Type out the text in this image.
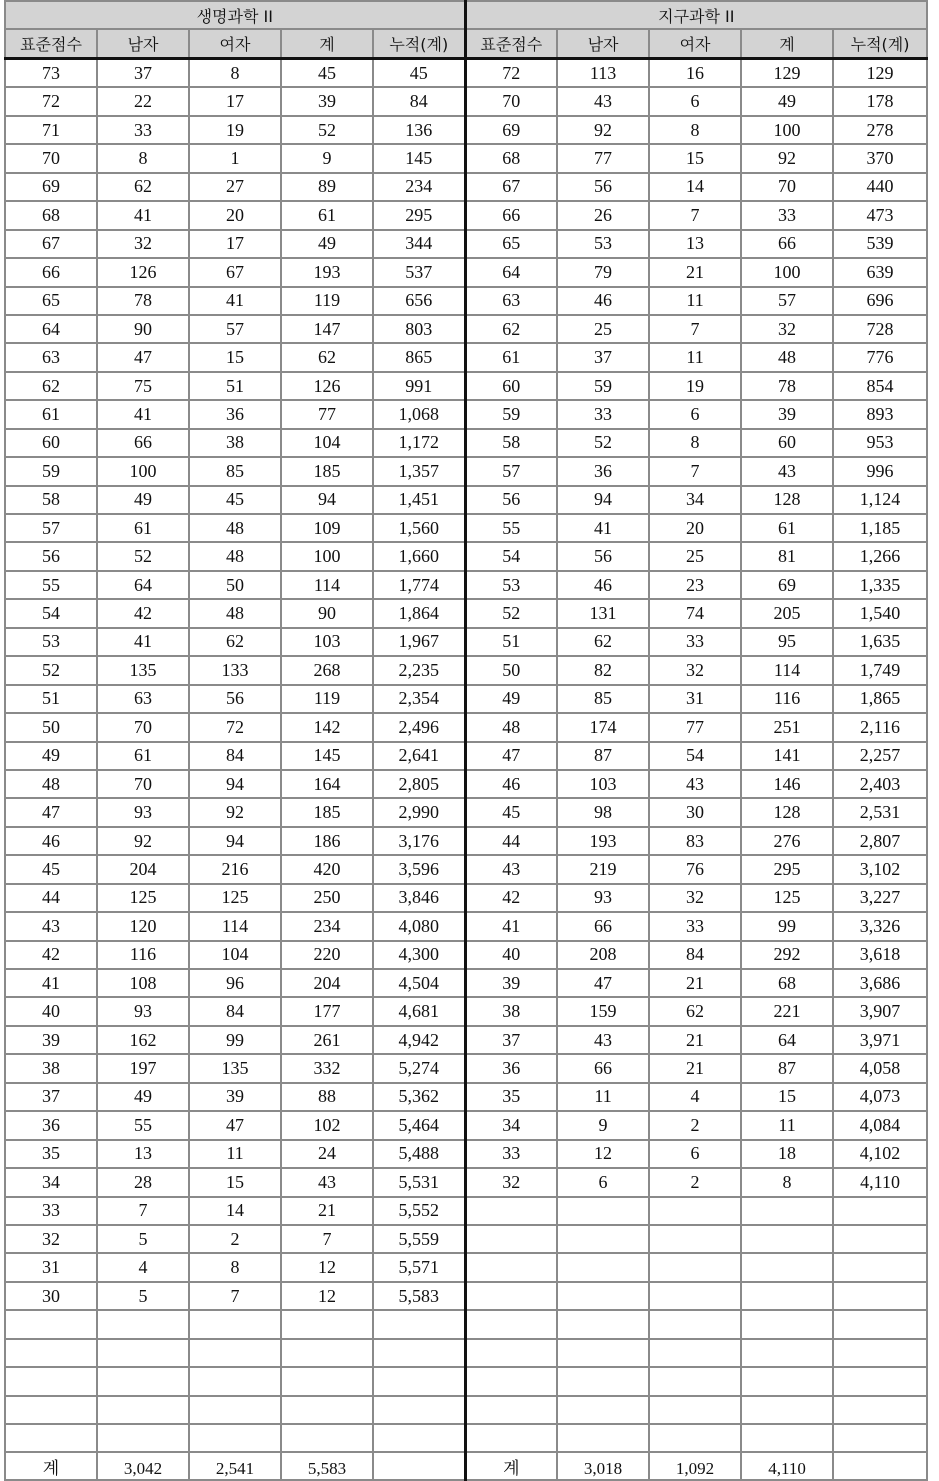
생명과학 II					지구과학 II				
표준점수	남자	여자	계	누적(계)	표준점수	남자	여자	계	누적(계)
73	37	8	45	45	72	113	16	129	129
72	22	17	39	84	70	43	6	49	178
71	33	19	52	136	69	92	8	100	278
70	8	1	9	145	68	77	15	92	370
69	62	27	89	234	67	56	14	70	440
68	41	20	61	295	66	26	7	33	473
67	32	17	49	344	65	53	13	66	539
66	126	67	193	537	64	79	21	100	639
65	78	41	119	656	63	46	11	57	696
64	90	57	147	803	62	25	7	32	728
63	47	15	62	865	61	37	11	48	776
62	75	51	126	991	60	59	19	78	854
61	41	36	77	1,068	59	33	6	39	893
60	66	38	104	1,172	58	52	8	60	953
59	100	85	185	1,357	57	36	7	43	996
58	49	45	94	1,451	56	94	34	128	1,124
57	61	48	109	1,560	55	41	20	61	1,185
56	52	48	100	1,660	54	56	25	81	1,266
55	64	50	114	1,774	53	46	23	69	1,335
54	42	48	90	1,864	52	131	74	205	1,540
53	41	62	103	1,967	51	62	33	95	1,635
52	135	133	268	2,235	50	82	32	114	1,749
51	63	56	119	2,354	49	85	31	116	1,865
50	70	72	142	2,496	48	174	77	251	2,116
49	61	84	145	2,641	47	87	54	141	2,257
48	70	94	164	2,805	46	103	43	146	2,403
47	93	92	185	2,990	45	98	30	128	2,531
46	92	94	186	3,176	44	193	83	276	2,807
45	204	216	420	3,596	43	219	76	295	3,102
44	125	125	250	3,846	42	93	32	125	3,227
43	120	114	234	4,080	41	66	33	99	3,326
42	116	104	220	4,300	40	208	84	292	3,618
41	108	96	204	4,504	39	47	21	68	3,686
40	93	84	177	4,681	38	159	62	221	3,907
39	162	99	261	4,942	37	43	21	64	3,971
38	197	135	332	5,274	36	66	21	87	4,058
37	49	39	88	5,362	35	11	4	15	4,073
36	55	47	102	5,464	34	9	2	11	4,084
35	13	11	24	5,488	33	12	6	18	4,102
34	28	15	43	5,531	32	6	2	8	4,110
33	7	14	21	5,552					
32	5	2	7	5,559					
31	4	8	12	5,571					
30	5	7	12	5,583					

계	3,042	2,541	5,583		계	3,018	1,092	4,110	
